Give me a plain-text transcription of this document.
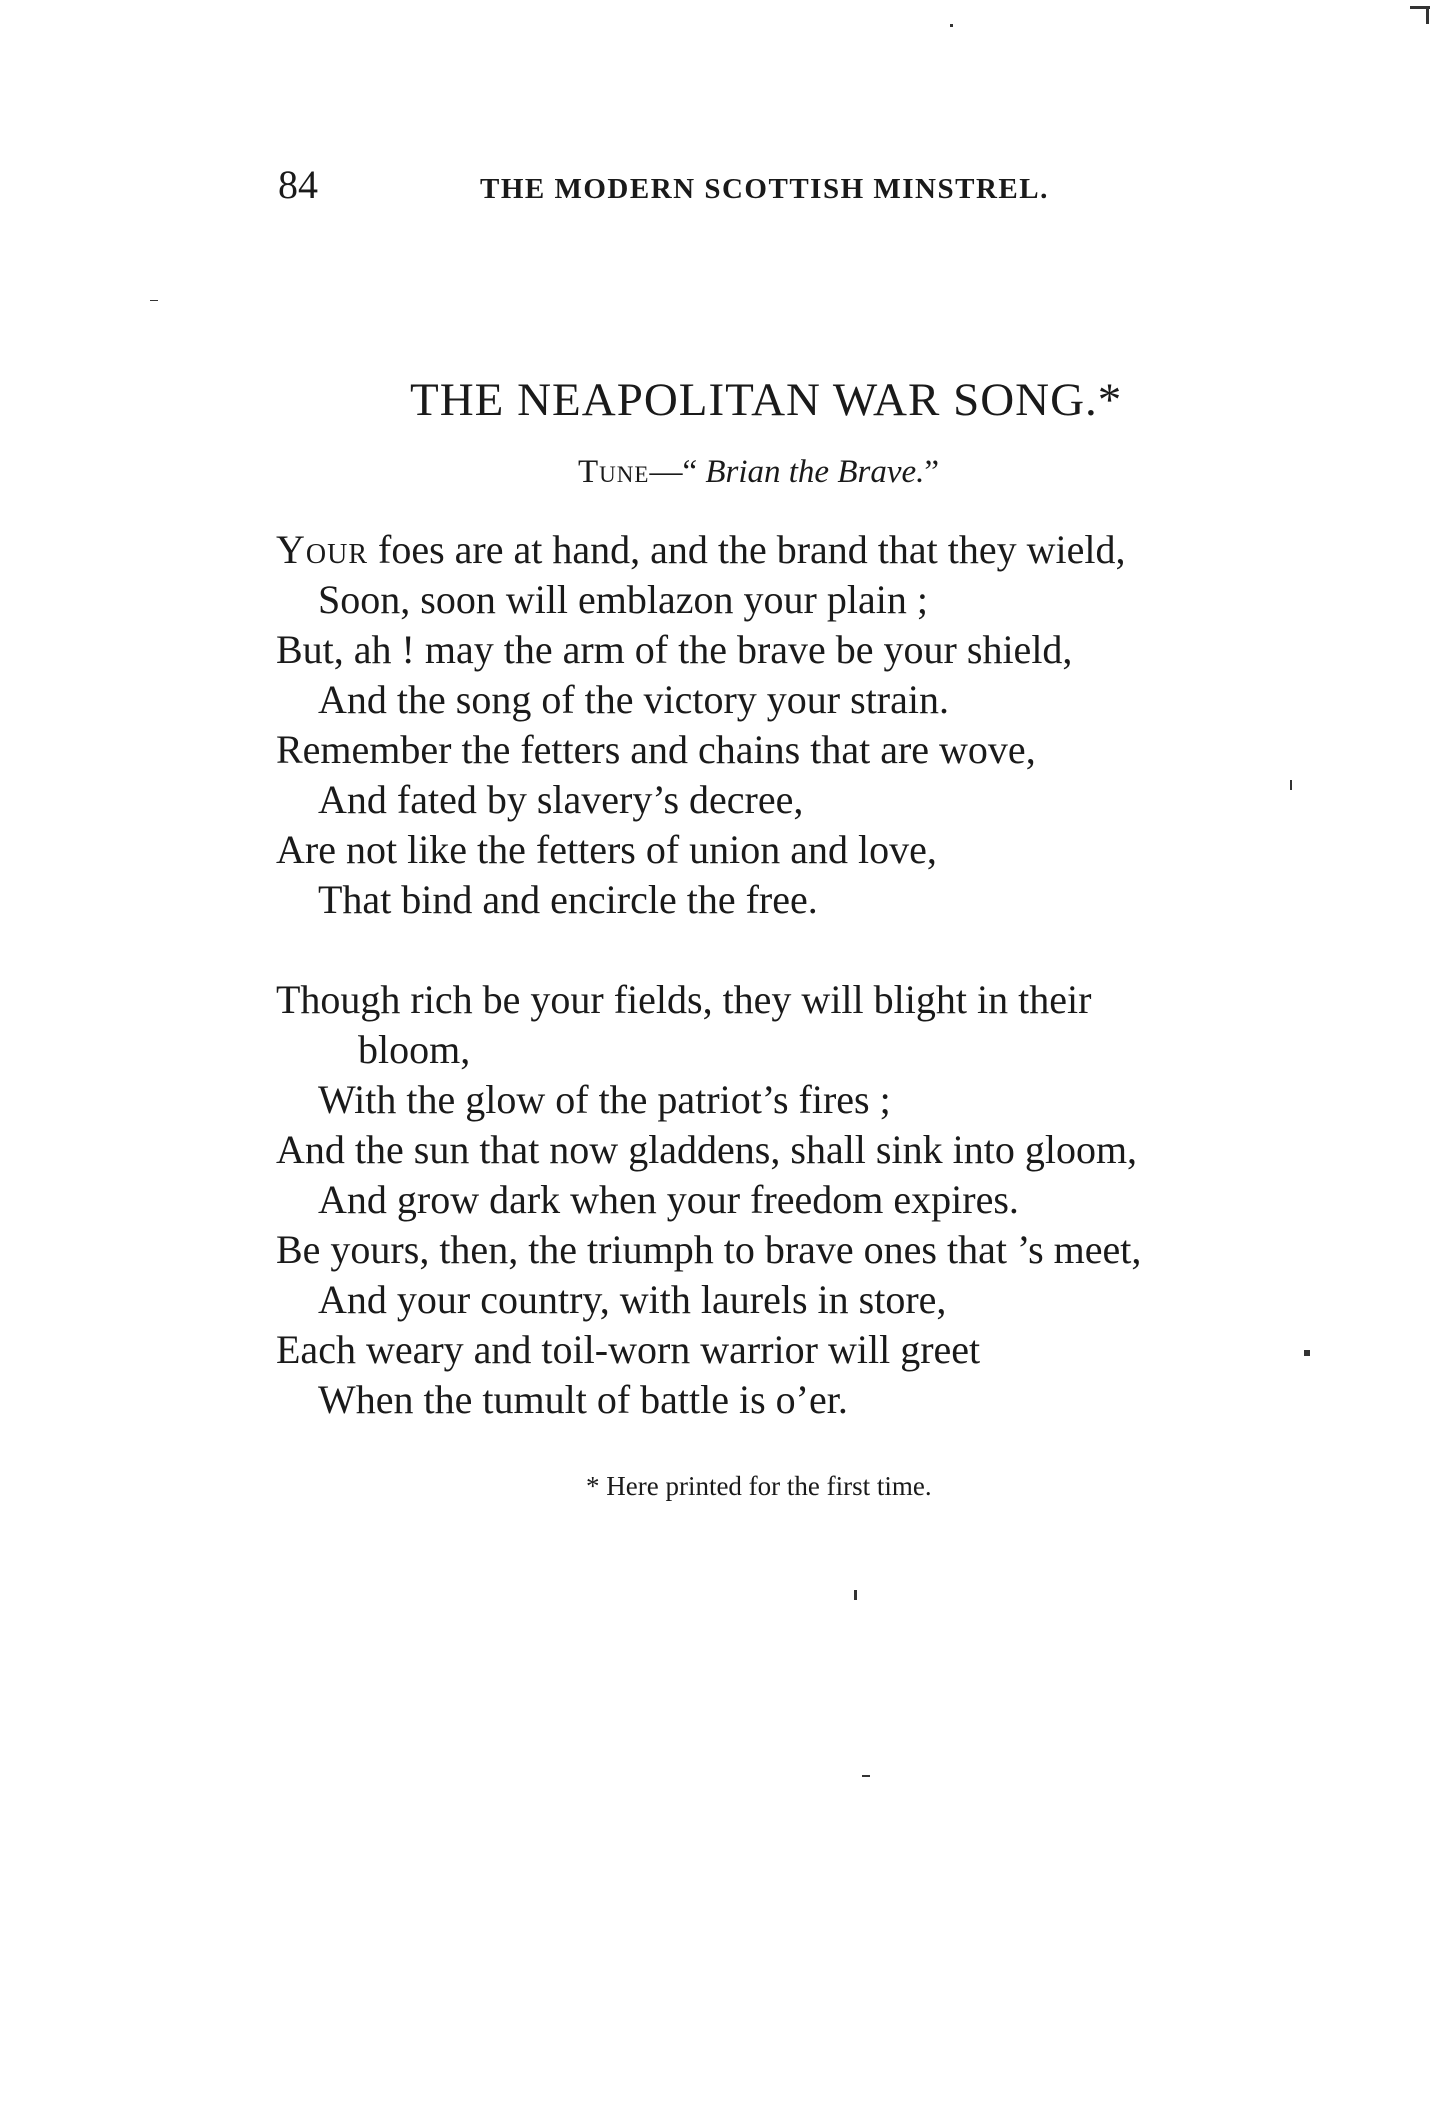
84	THE MODERN SCOTTISH MINSTREL.
THE NEAPOLITAN WAR SONG.*
Tune—“ Brian the Brave.”
Your foes are at hand, and the brand that they wield,
Soon, soon will emblazon your plain ;
But, ah ! may the arm of the brave be your shield,
And the song of the victory your strain.
Remember the fetters and chains that are wove,
And fated by slavery’s decree,
Are not like the fetters of union and love,
That bind and encircle the free.
Though rich be your fields, they will blight in their
bloom,
With the glow of the patriot’s fires ;
And the sun that now gladdens, shall sink into gloom,
And grow dark when your freedom expires.
Be yours, then, the triumph to brave ones that ’s meet,
And your country, with laurels in store,
Each weary and toil-worn warrior will greet
When the tumult of battle is o’er.
* Here printed for the first time.
